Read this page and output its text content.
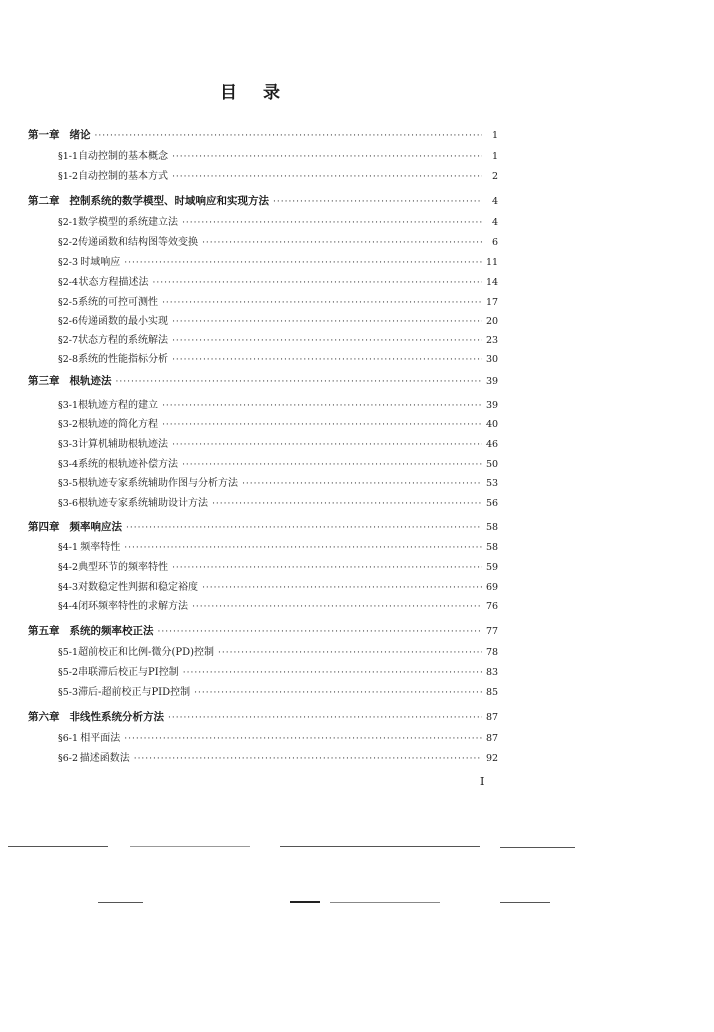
目 录
第一章 绪论 ·····	1
§1-1 自动控制的基本概念 ·····	1
§1-2 自动控制的基本方式 ·····	2
第二章 控制系统的数学模型、时域响应和实现方法 ·····	4
§2-1 数学模型的系统建立法 ·····	4
§2-2 传递函数和结构图等效变换 ·····	6
§2-3 时域响应 ·····	11
§2-4 状态方程描述法 ·····	14
§2-5 系统的可控可测性 ·····	17
§2-6 传递函数的最小实现 ·····	20
§2-7 状态方程的系统解法 ·····	23
§2-8 系统的性能指标分析 ·····	30
第三章 根轨迹法 ·····	39
§3-1 根轨迹方程的建立 ·····	39
§3-2 根轨迹的简化方程 ·····	40
§3-3 计算机辅助根轨迹法 ·····	46
§3-4 系统的根轨迹补偿方法 ·····	50
§3-5 根轨迹专家系统辅助作图与分析方法 ·····	53
§3-6 根轨迹专家系统辅助设计方法 ·····	56
第四章 频率响应法 ·····	58
§4-1 频率特性 ·····	58
§4-2 典型环节的频率特性 ·····	59
§4-3 对数稳定性判据和稳定裕度 ·····	69
§4-4 闭环频率特性的求解方法 ·····	76
第五章 系统的频率校正法 ·····	77
§5-1 超前校正和比例-微分(PD)控制 ·····	78
§5-2 串联滞后校正与PI控制 ·····	83
§5-3 滞后-超前校正与PID控制 ·····	85
第六章 非线性系统分析方法 ·····	87
§6-1 相平面法 ·····	87
§6-2 描述函数法 ·····	92
I
